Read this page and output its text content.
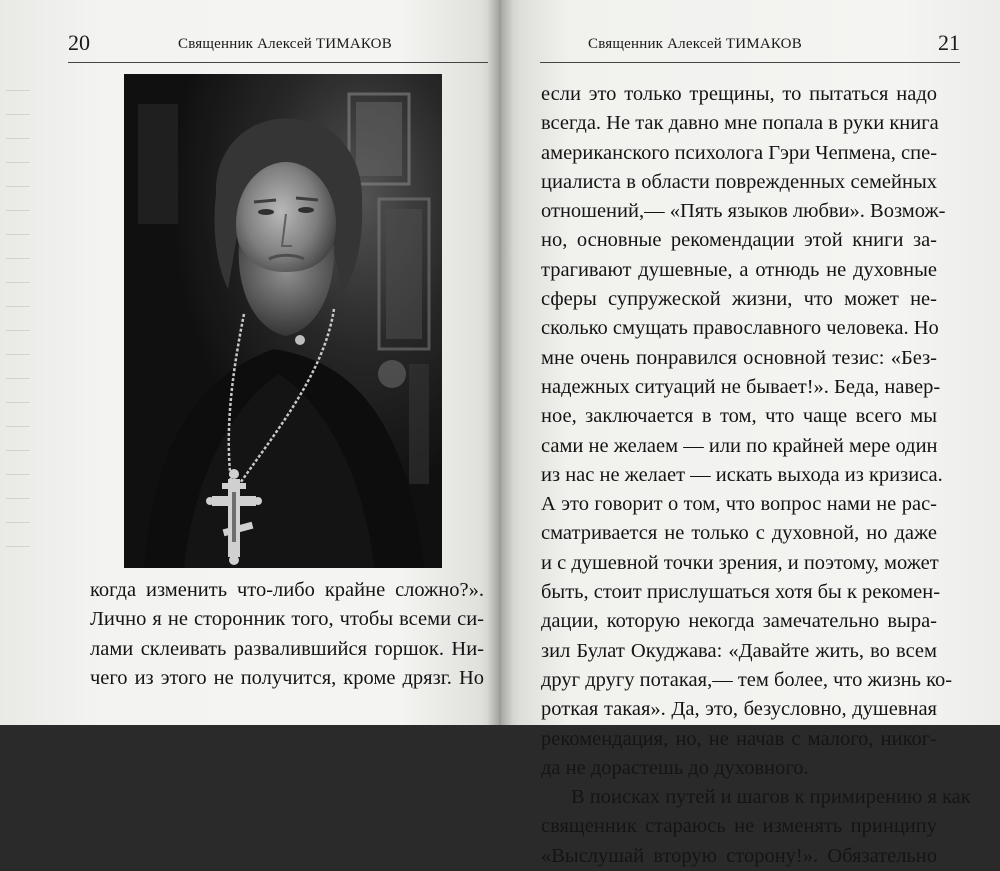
20	Священник Алексей ТИМАКОВ
когда изменить что-либо крайне сложно?».
Лично я не сторонник того, чтобы всеми си-
лами склеивать развалившийся горшок. Ни-
чего из этого не получится, кроме дрязг. Но
Священник Алексей ТИМАКОВ	21
если это только трещины, то пытаться надо
всегда. Не так давно мне попала в руки книга
американского психолога Гэри Чепмена, спе-
циалиста в области поврежденных семейных
отношений,— «Пять языков любви». Возмож-
но, основные рекомендации этой книги за-
трагивают душевные, а отнюдь не духовные
сферы супружеской жизни, что может не-
сколько смущать православного человека. Но
мне очень понравился основной тезис: «Без-
надежных ситуаций не бывает!». Беда, навер-
ное, заключается в том, что чаще всего мы
сами не желаем — или по крайней мере один
из нас не желает — искать выхода из кризиса.
А это говорит о том, что вопрос нами не рас-
сматривается не только с духовной, но даже
и с душевной точки зрения, и поэтому, может
быть, стоит прислушаться хотя бы к рекомен-
дации, которую некогда замечательно выра-
зил Булат Окуджава: «Давайте жить, во всем
друг другу потакая,— тем более, что жизнь ко-
роткая такая». Да, это, безусловно, душевная
рекомендация, но, не начав с малого, никог-
да не дорастешь до духовного.
В поисках путей и шагов к примирению я как
священник стараюсь не изменять принципу
«Выслушай вторую сторону!». Обязательно
